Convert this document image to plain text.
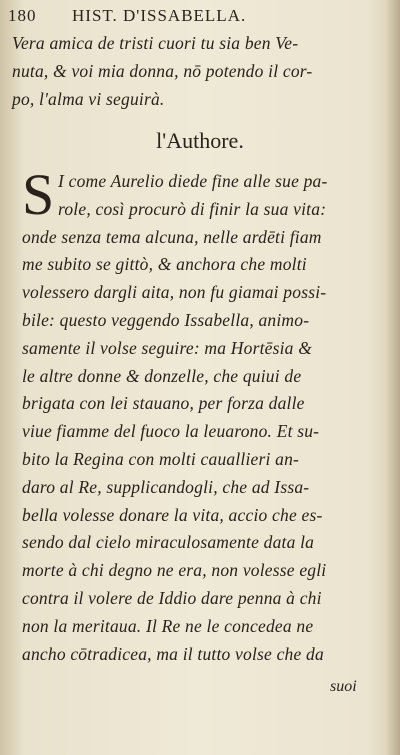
180 HIST. D'ISSABELLA.
Vera amica de tristi cuori tu sia ben Ve-
nuta, & voi mia donna, nō potendo il cor-
po, l'alma vi seguirà.
l'Authore.
S I come Aurelio diede fine alle sue pa-
role, così procurò di finir la sua vita:
onde senza tema alcuna, nelle ardēti fiam
me subito se gittò, & anchora che molti
volessero dargli aita, non fu giamai possi-
bile: questo veggendo Issabella, animo-
samente il volse seguire: ma Hortēsia &
le altre donne & donzelle, che quiui de
brigata con lei stauano, per forza dalle
viue fiamme del fuoco la leuarono. Et su-
bito la Regina con molti cauallieri an-
daro al Re, supplicandogli, che ad Issa-
bella volesse donare la vita, accio che es-
sendo dal cielo miraculosamente data la
morte à chi degno ne era, non volesse egli
contra il volere de Iddio dare penna à chi
non la meritaua. Il Re ne le concedea ne
ancho cōtradicea, ma il tutto volse che da
suoi
